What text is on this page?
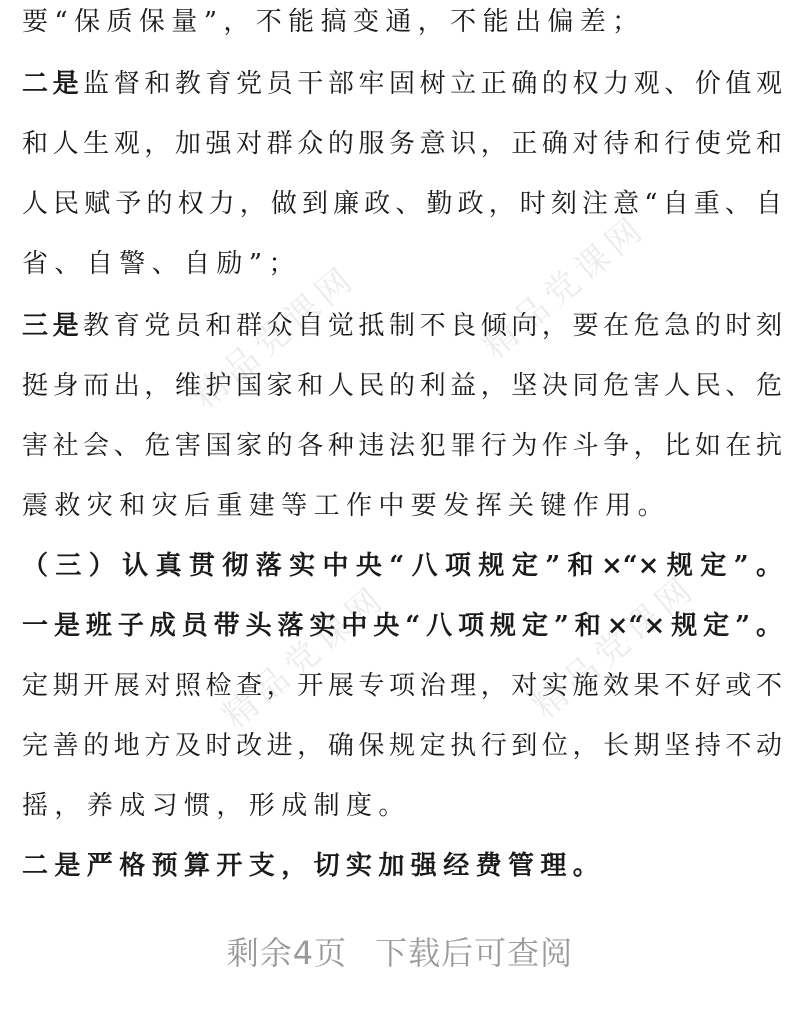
精品党课网	精品党课网
精品党课网	精品党课网
要“保质保量”，不能搞变通，不能出偏差；
二是监督和教育党员干部牢固树立正确的权力观、价值观
和人生观，加强对群众的服务意识，正确对待和行使党和
人民赋予的权力，做到廉政、勤政，时刻注意“自重、自
省、自警、自励”；
三是教育党员和群众自觉抵制不良倾向，要在危急的时刻
挺身而出，维护国家和人民的利益，坚决同危害人民、危
害社会、危害国家的各种违法犯罪行为作斗争，比如在抗
震救灾和灾后重建等工作中要发挥关键作用。
（三）认真贯彻落实中央“八项规定”和×“×规定”。
一是班子成员带头落实中央“八项规定”和×“×规定”。
定期开展对照检查，开展专项治理，对实施效果不好或不
完善的地方及时改进，确保规定执行到位，长期坚持不动
摇，养成习惯，形成制度。
二是严格预算开支，切实加强经费管理。
剩余4页 下载后可查阅
